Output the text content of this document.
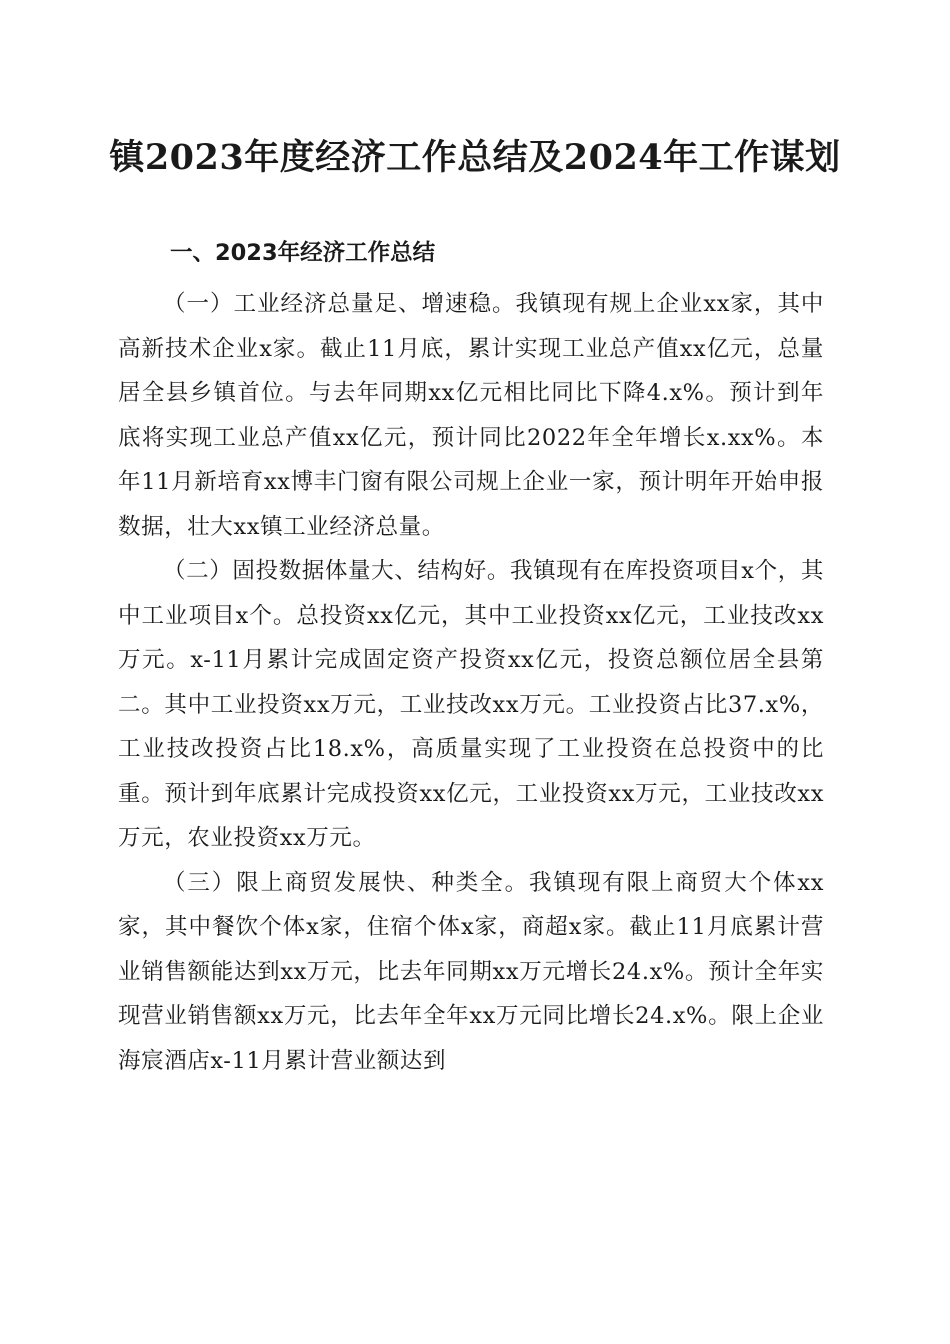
镇2023年度经济工作总结及2024年工作谋划
一、2023年经济工作总结

（一）工业经济总量足、增速稳。我镇现有规上企业xx家，其中高新技术企业x家。截止11月底，累计实现工业总产值xx亿元，总量居全县乡镇首位。与去年同期xx亿元相比同比下降4.x%。预计到年底将实现工业总产值xx亿元，预计同比2022年全年增长x.xx%。本年11月新培育xx博丰门窗有限公司规上企业一家，预计明年开始申报数据，壮大xx镇工业经济总量。

（二）固投数据体量大、结构好。我镇现有在库投资项目x个，其中工业项目x个。总投资xx亿元，其中工业投资xx亿元，工业技改xx万元。x-11月累计完成固定资产投资xx亿元，投资总额位居全县第二。其中工业投资xx万元，工业技改xx万元。工业投资占比37.x%，工业技改投资占比18.x%，高质量实现了工业投资在总投资中的比重。预计到年底累计完成投资xx亿元，工业投资xx万元，工业技改xx万元，农业投资xx万元。

（三）限上商贸发展快、种类全。我镇现有限上商贸大个体xx家，其中餐饮个体x家，住宿个体x家，商超x家。截止11月底累计营业销售额能达到xx万元，比去年同期xx万元增长24.x%。预计全年实现营业销售额xx万元，比去年全年xx万元同比增长24.x%。限上企业海宸酒店x-11月累计营业额达到
